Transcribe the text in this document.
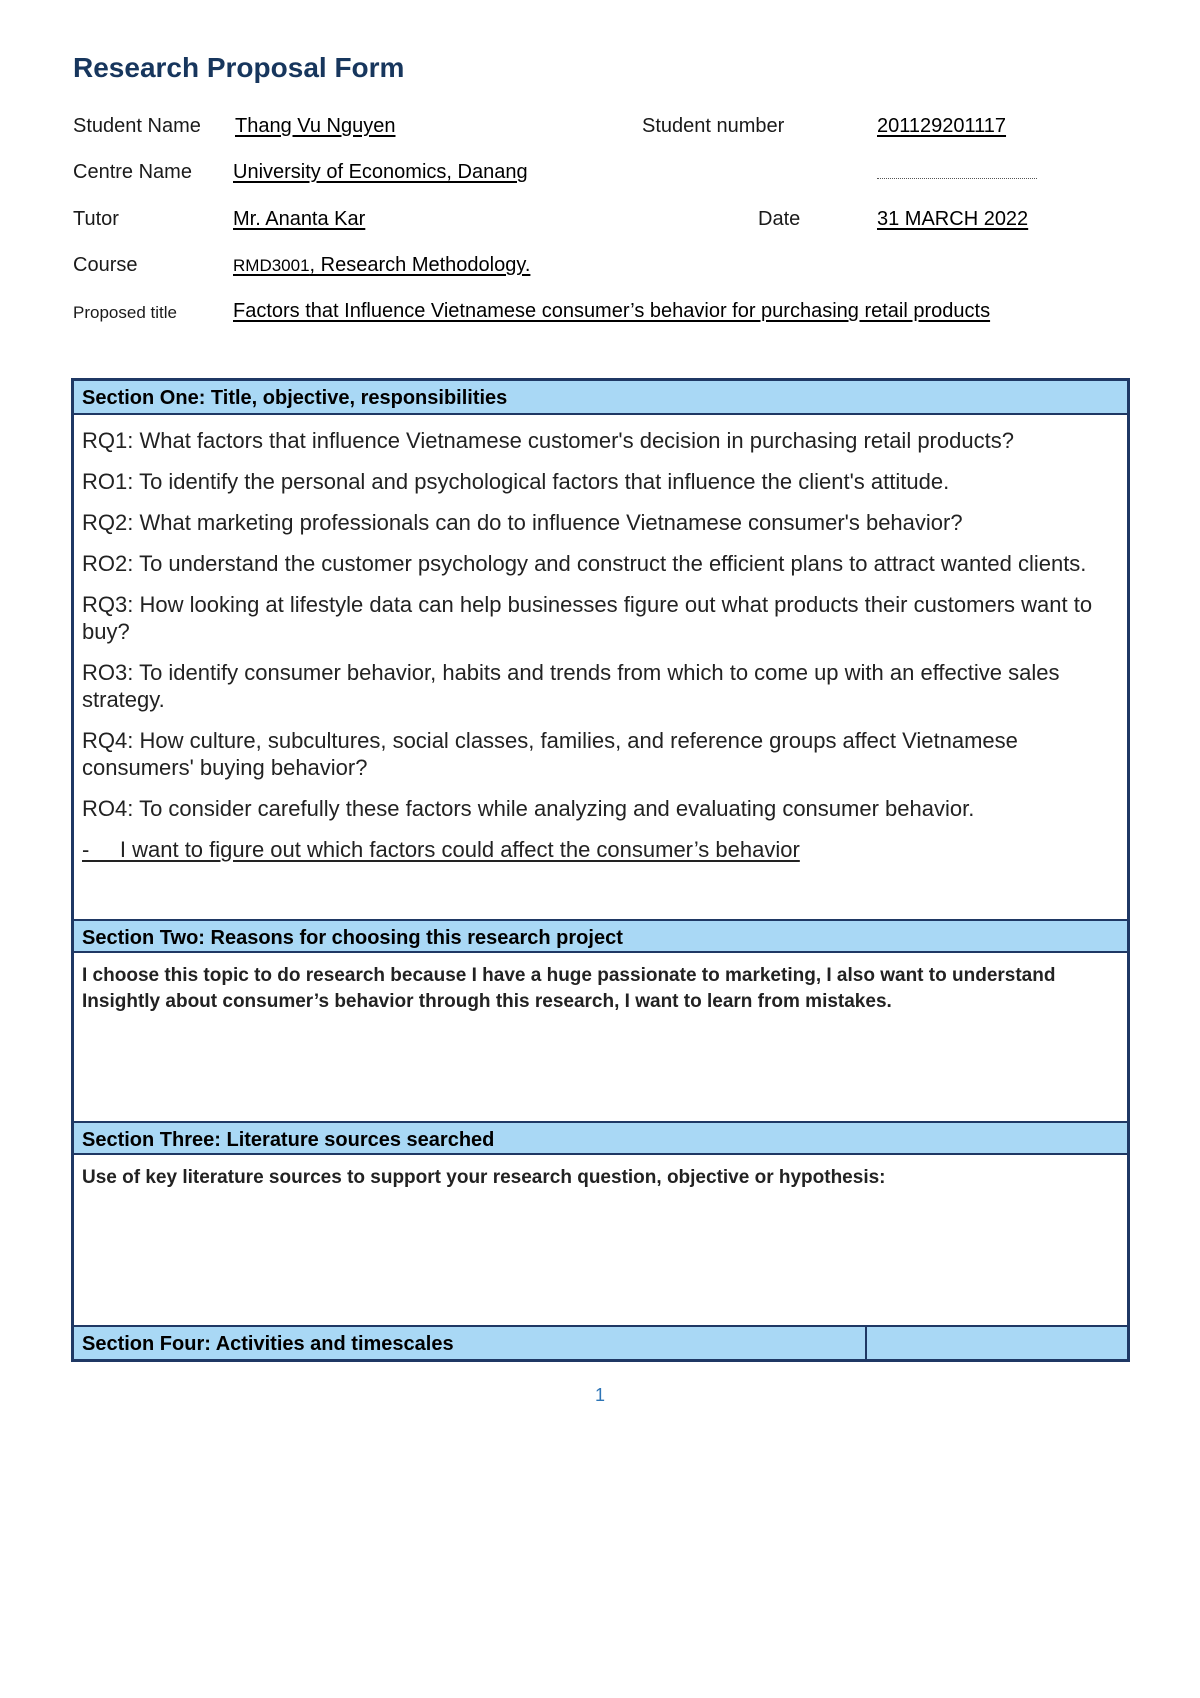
Research Proposal Form
Student Name Thang Vu Nguyen	Student number	201129201117
Centre Name University of Economics, Danang
Tutor	Mr. Ananta Kar	Date	31 MARCH 2022
Course	RMD3001, Research Methodology.
Proposed title	Factors that Influence Vietnamese consumer’s behavior for purchasing retail products
Section One: Title, objective, responsibilities

RQ1: What factors that influence Vietnamese customer's decision in purchasing retail products?

RO1: To identify the personal and psychological factors that influence the client's attitude.

RQ2: What marketing professionals can do to influence Vietnamese consumer's behavior?

RO2: To understand the customer psychology and construct the efficient plans to attract wanted clients.

RQ3: How looking at lifestyle data can help businesses figure out what products their customers want to buy?

RO3: To identify consumer behavior, habits and trends from which to come up with an effective sales strategy.

RQ4: How culture, subcultures, social classes, families, and reference groups affect Vietnamese consumers' buying behavior?

RO4: To consider carefully these factors while analyzing and evaluating consumer behavior.

-     I want to figure out which factors could affect the consumer’s behavior

Section Two: Reasons for choosing this research project
I choose this topic to do research because I have a huge passionate to marketing, I also want to understand Insightly about consumer’s behavior through this research, I want to learn from mistakes.
Section Three: Literature sources searched
Use of key literature sources to support your research question, objective or hypothesis:
Section Four: Activities and timescales
1
